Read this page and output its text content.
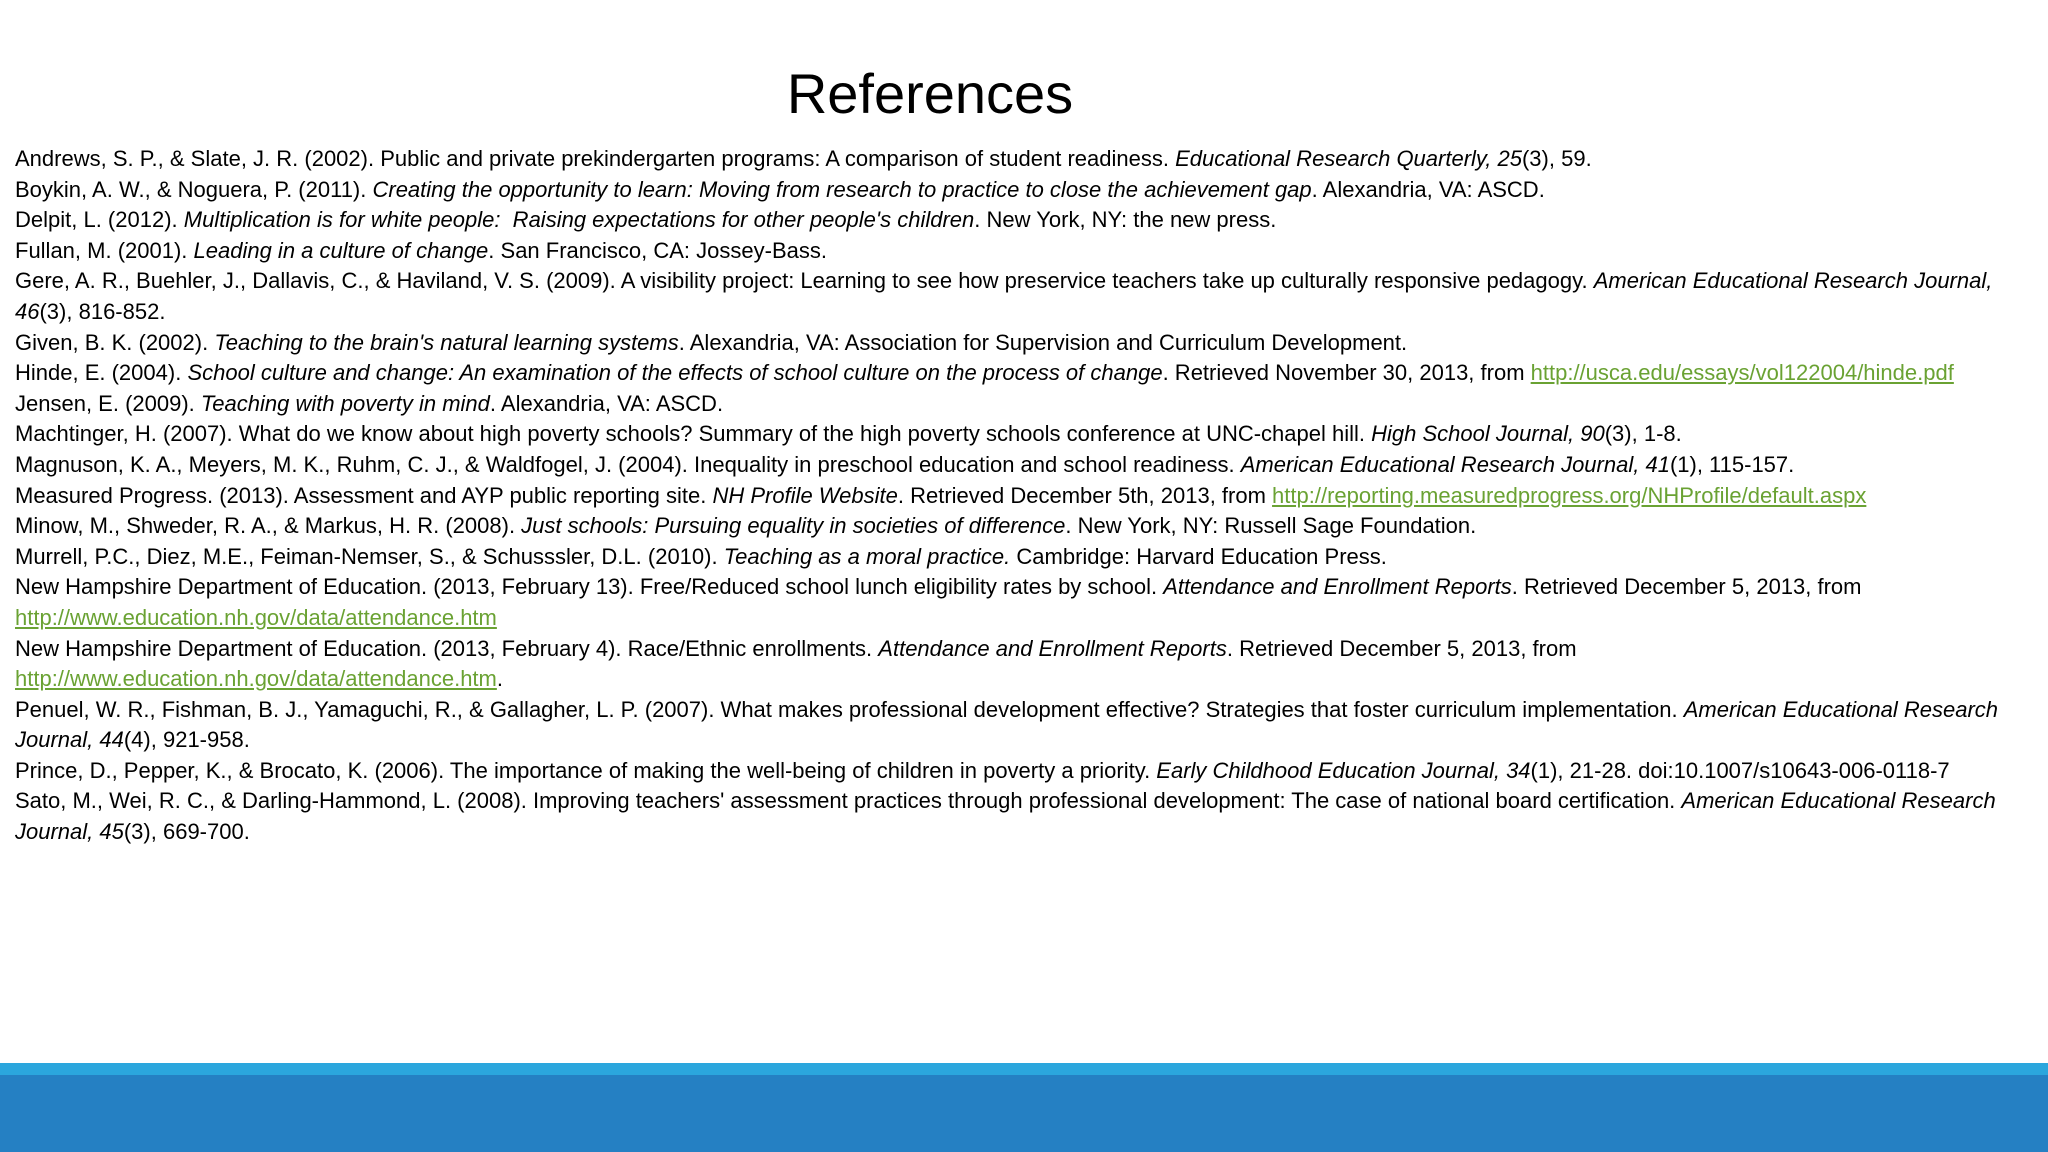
References

Andrews, S. P., & Slate, J. R. (2002). Public and private prekindergarten programs: A comparison of student readiness. Educational Research Quarterly, 25(3), 59.

Boykin, A. W., & Noguera, P. (2011). Creating the opportunity to learn: Moving from research to practice to close the achievement gap. Alexandria, VA: ASCD.

Delpit, L. (2012). Multiplication is for white people:  Raising expectations for other people's children. New York, NY: the new press.

Fullan, M. (2001). Leading in a culture of change. San Francisco, CA: Jossey-Bass.

Gere, A. R., Buehler, J., Dallavis, C., & Haviland, V. S. (2009). A visibility project: Learning to see how preservice teachers take up culturally responsive pedagogy. American Educational Research Journal, 46(3), 816-852.

Given, B. K. (2002). Teaching to the brain's natural learning systems. Alexandria, VA: Association for Supervision and Curriculum Development.

Hinde, E. (2004). School culture and change: An examination of the effects of school culture on the process of change. Retrieved November 30, 2013, from http://usca.edu/essays/vol122004/hinde.pdf

Jensen, E. (2009). Teaching with poverty in mind. Alexandria, VA: ASCD.

Machtinger, H. (2007). What do we know about high poverty schools? Summary of the high poverty schools conference at UNC-chapel hill. High School Journal, 90(3), 1-8.

Magnuson, K. A., Meyers, M. K., Ruhm, C. J., & Waldfogel, J. (2004). Inequality in preschool education and school readiness. American Educational Research Journal, 41(1), 115-157.

Measured Progress. (2013). Assessment and AYP public reporting site. NH Profile Website. Retrieved December 5th, 2013, from http://reporting.measuredprogress.org/NHProfile/default.aspx

Minow, M., Shweder, R. A., & Markus, H. R. (2008). Just schools: Pursuing equality in societies of difference. New York, NY: Russell Sage Foundation.

Murrell, P.C., Diez, M.E., Feiman-Nemser, S., & Schusssler, D.L. (2010). Teaching as a moral practice. Cambridge: Harvard Education Press.

New Hampshire Department of Education. (2013, February 13). Free/Reduced school lunch eligibility rates by school. Attendance and Enrollment Reports. Retrieved December 5, 2013, from http://www.education.nh.gov/data/attendance.htm

New Hampshire Department of Education. (2013, February 4). Race/Ethnic enrollments. Attendance and Enrollment Reports. Retrieved December 5, 2013, from http://www.education.nh.gov/data/attendance.htm.

Penuel, W. R., Fishman, B. J., Yamaguchi, R., & Gallagher, L. P. (2007). What makes professional development effective? Strategies that foster curriculum implementation. American Educational Research Journal, 44(4), 921-958.

Prince, D., Pepper, K., & Brocato, K. (2006). The importance of making the well-being of children in poverty a priority. Early Childhood Education Journal, 34(1), 21-28. doi:10.1007/s10643-006-0118-7

Sato, M., Wei, R. C., & Darling-Hammond, L. (2008). Improving teachers' assessment practices through professional development: The case of national board certification. American Educational Research Journal, 45(3), 669-700.
